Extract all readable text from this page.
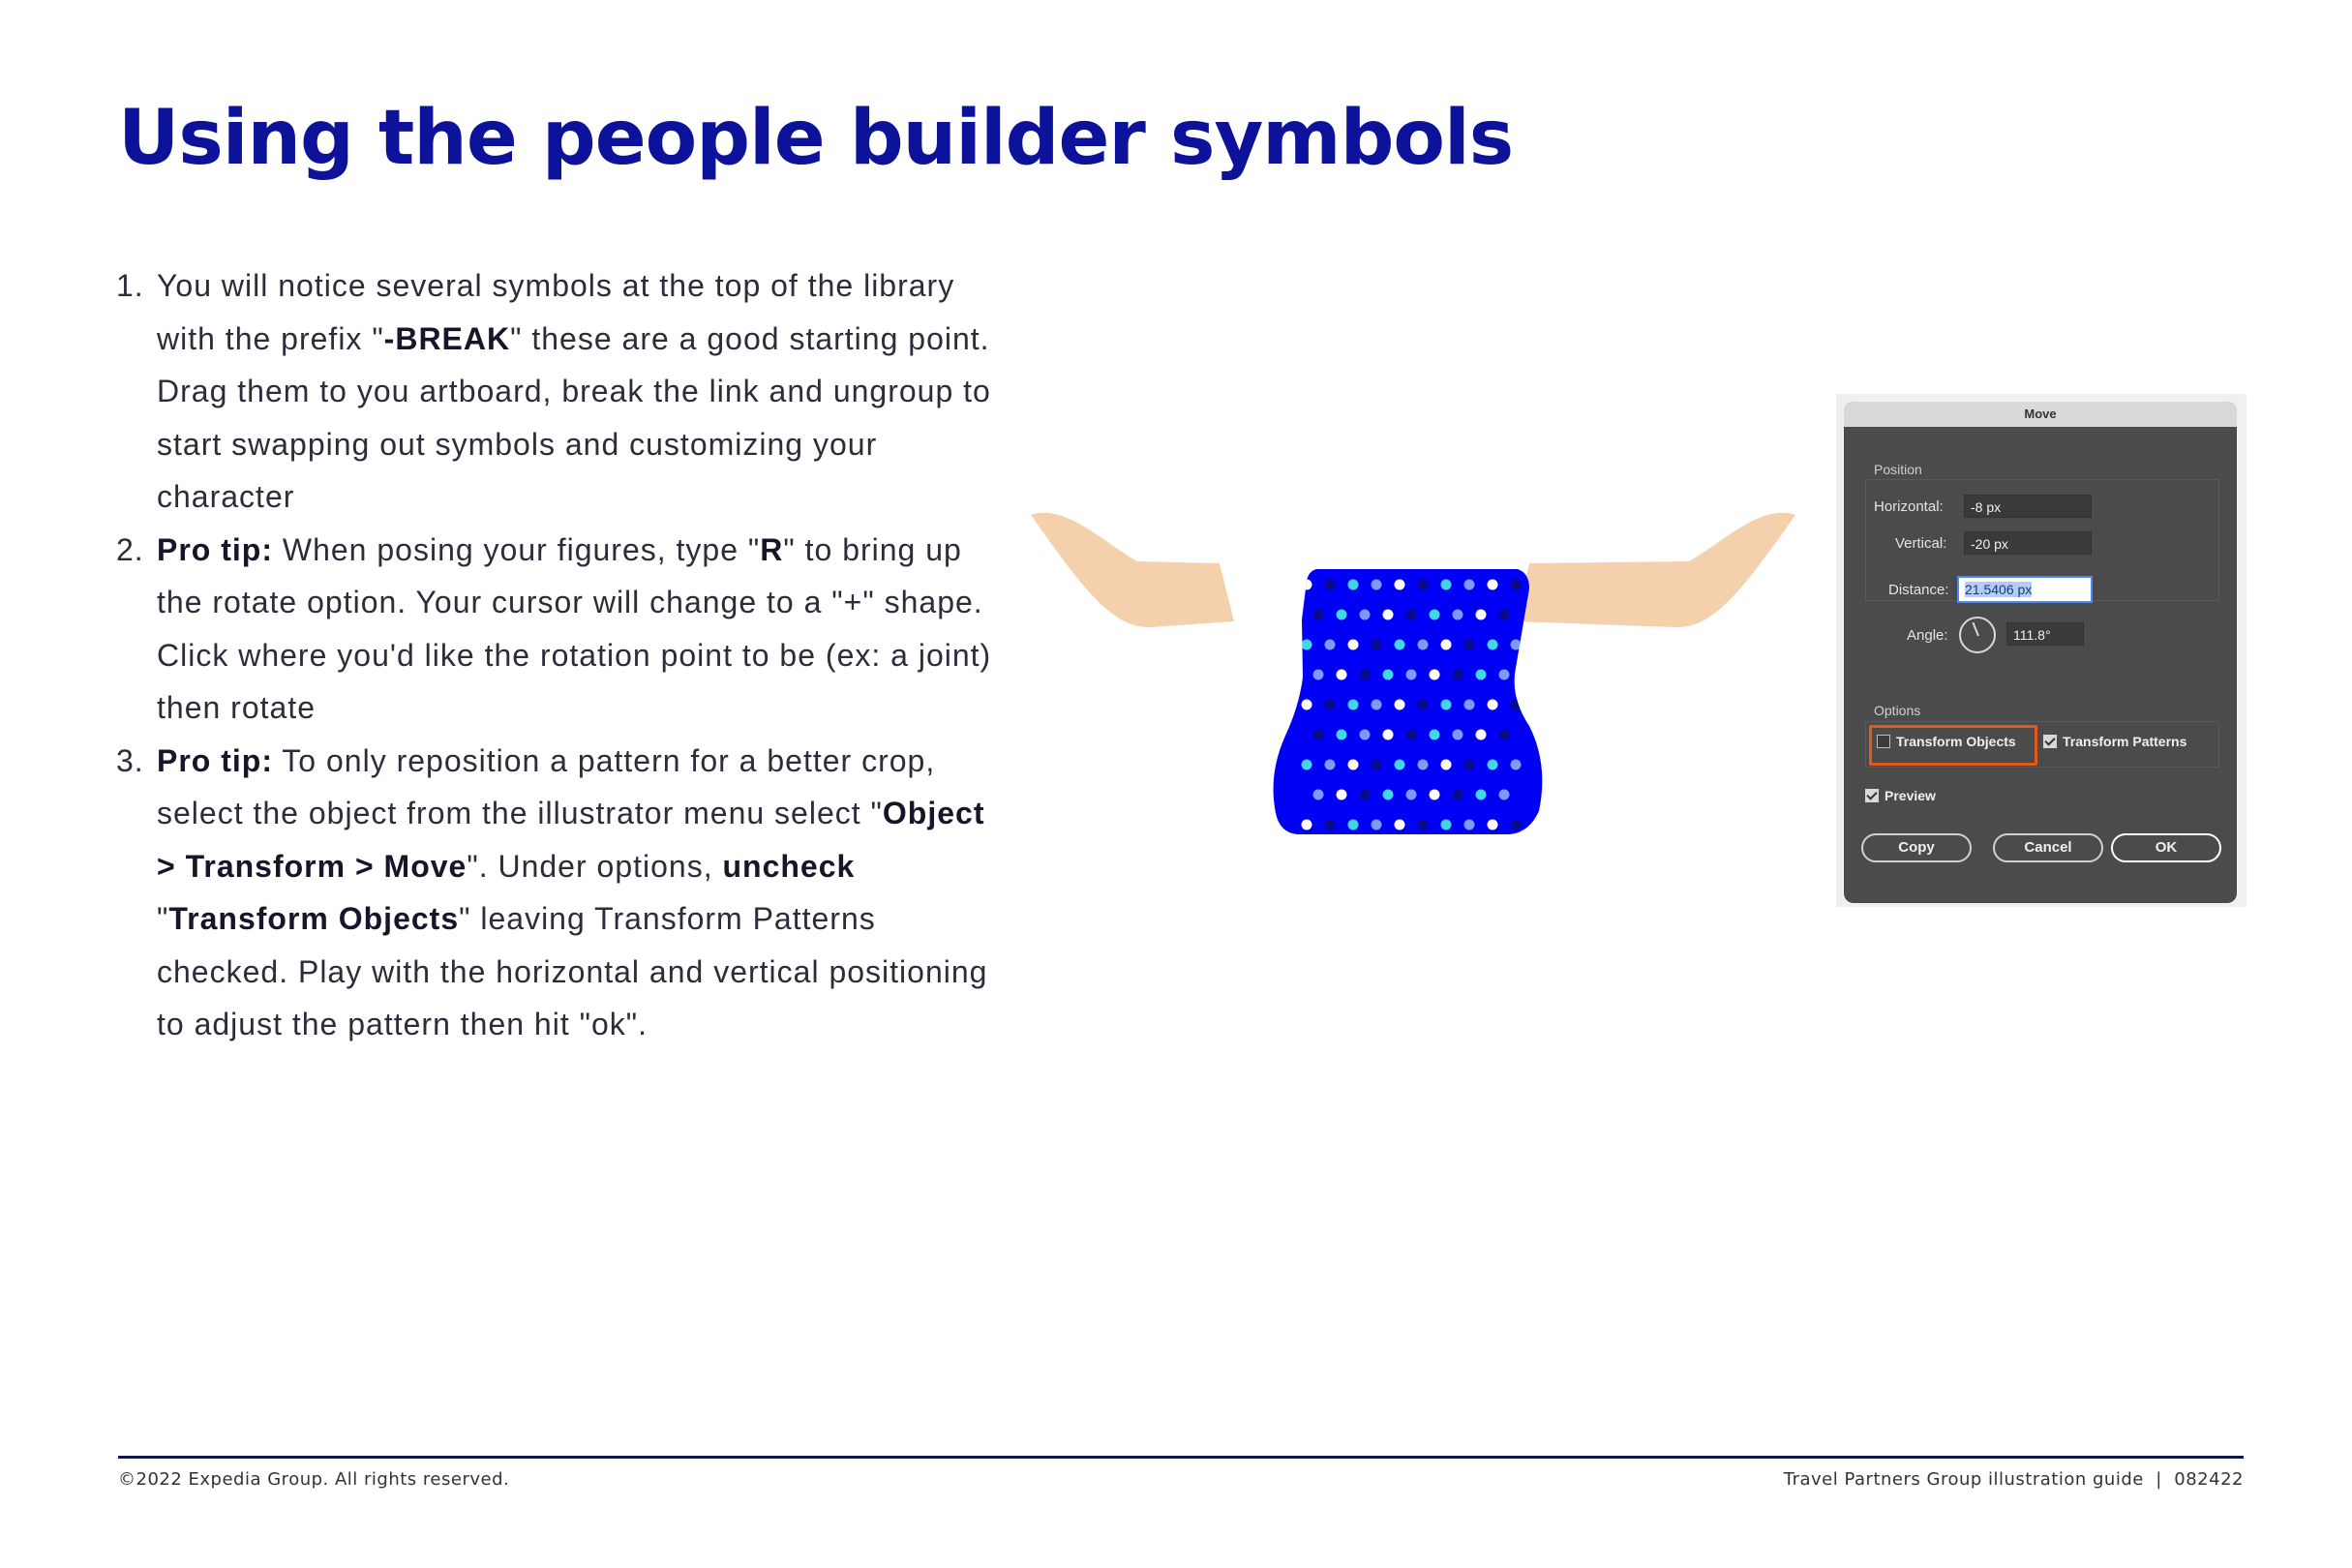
Using the people builder symbols
1. You will notice several symbols at the top of the library with the prefix "-BREAK" these are a good starting point. Drag them to you artboard, break the link and ungroup to start swapping out symbols and customizing your character
2. Pro tip: When posing your figures, type "R" to bring up the rotate option. Your cursor will change to a "+" shape. Click where you'd like the rotation point to be (ex: a joint) then rotate
3. Pro tip: To only reposition a pattern for a better crop, select the object from the illustrator menu select "Object > Transform > Move". Under options, uncheck "Transform Objects" leaving Transform Patterns checked. Play with the horizontal and vertical positioning to adjust the pattern then hit "ok".
Move
Position
Horizontal:	-8 px
Vertical:	-20 px
Distance:	21.5406 px
Angle:	111.8°
Options
Transform Objects	Transform Patterns
Preview
Copy	Cancel	OK
©2022 Expedia Group. All rights reserved.	Travel Partners Group illustration guide  |  082422
